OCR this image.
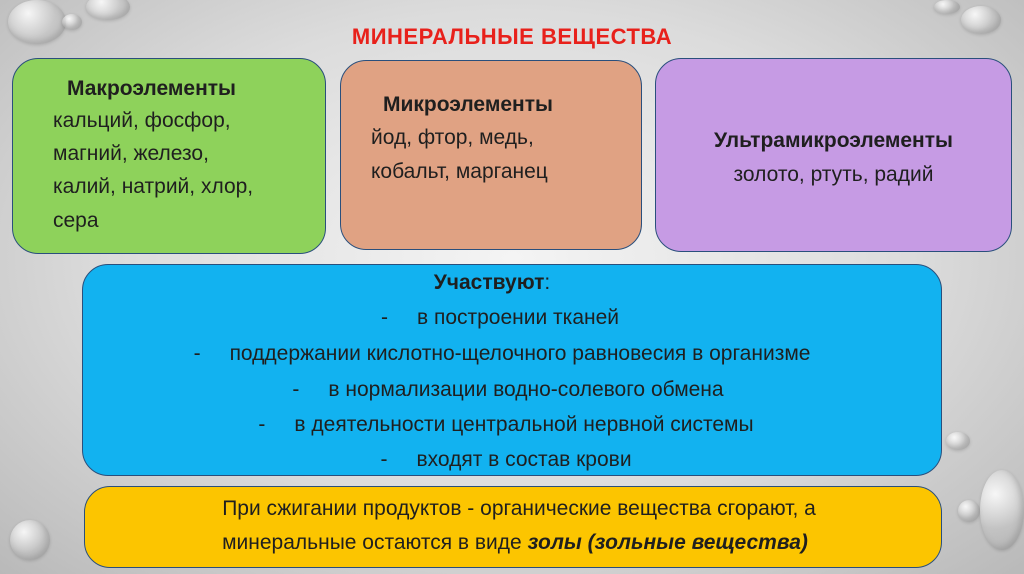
МИНЕРАЛЬНЫЕ ВЕЩЕСТВА
Макроэлементы
кальций, фосфор,
магний, железо,
калий, натрий, хлор,
сера
Микроэлементы
йод, фтор, медь,
кобальт, марганец
Ультрамикроэлементы
золото, ртуть, радий
Участвуют:
- в построении тканей
- поддержании кислотно-щелочного равновесия в организме
- в нормализации водно-солевого обмена
- в деятельности центральной нервной системы
- входят в состав крови
При сжигании продуктов - органические вещества сгорают, а
минеральные остаются в виде золы (зольные вещества)
